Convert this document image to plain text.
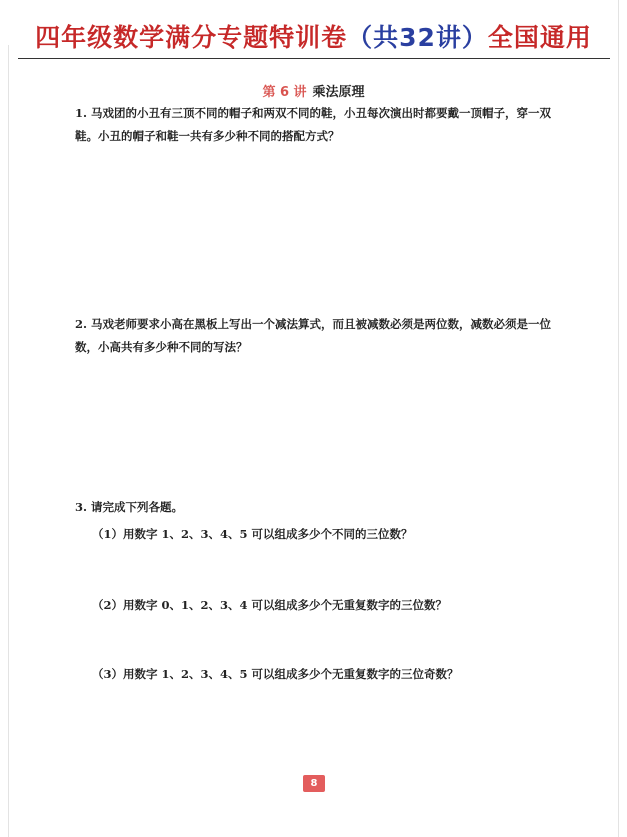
四年级数学满分专题特训卷（共32讲）全国通用
第 6 讲 乘法原理
1. 马戏团的小丑有三顶不同的帽子和两双不同的鞋，小丑每次演出时都要戴一顶帽子，穿一双鞋。小丑的帽子和鞋一共有多少种不同的搭配方式？
2. 马戏老师要求小高在黑板上写出一个减法算式，而且被减数必须是两位数，减数必须是一位数，小高共有多少种不同的写法？
3. 请完成下列各题。
（1）用数字 1、2、3、4、5 可以组成多少个不同的三位数？
（2）用数字 0、1、2、3、4 可以组成多少个无重复数字的三位数？
（3）用数字 1、2、3、4、5 可以组成多少个无重复数字的三位奇数？
8
